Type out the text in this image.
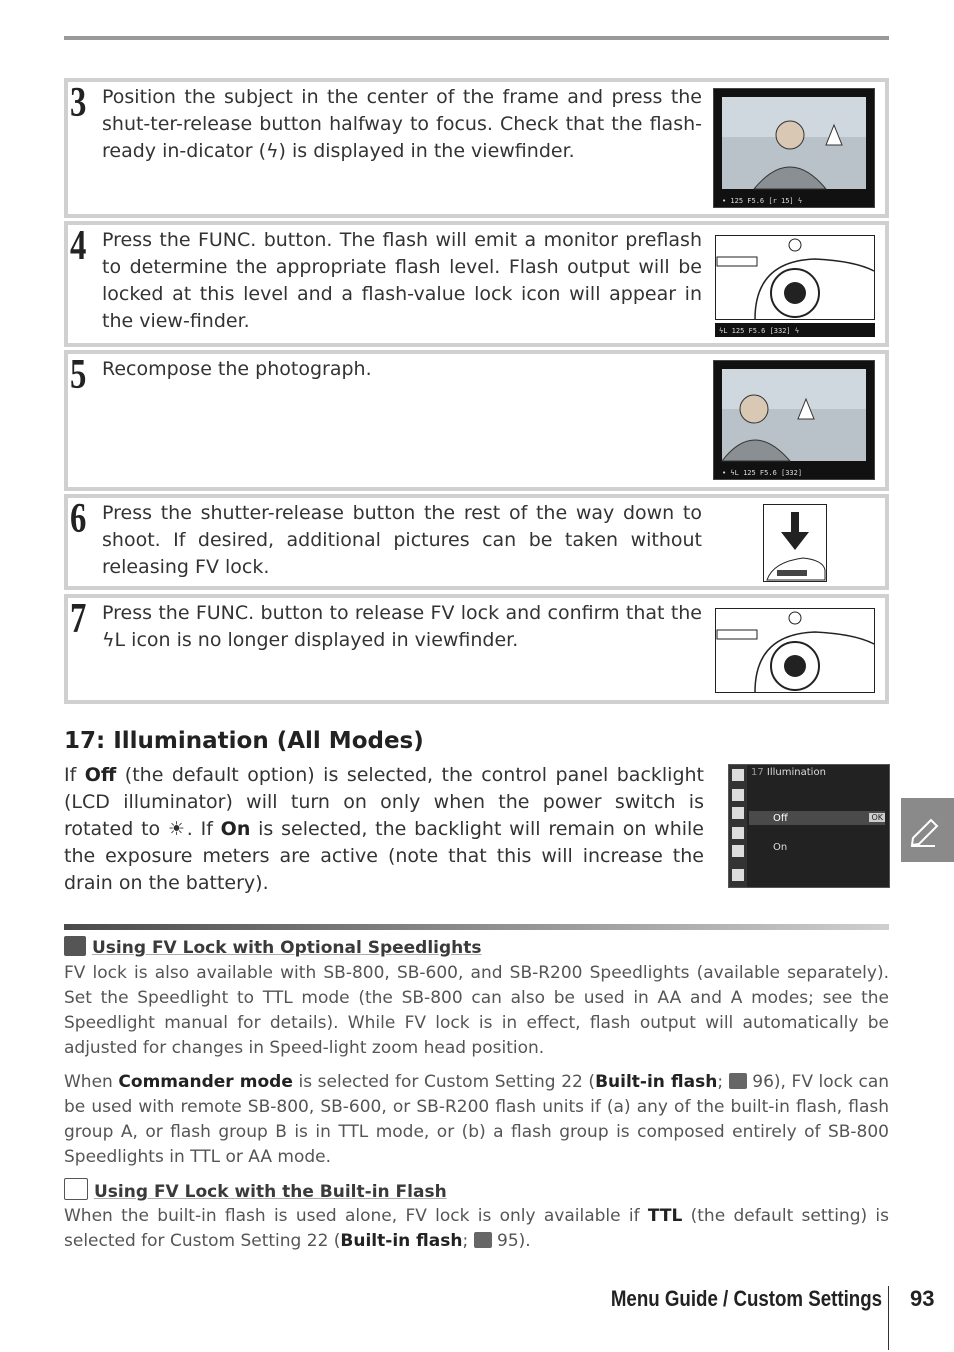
3 Position the subject in the center of the frame and press the shut-ter-release button halfway to focus. Check that the flash-ready in-dicator (ϟ) is displayed in the viewfinder.
• 125 F5.6 [r 15] ϟ
4 Press the FUNC. button. The flash will emit a monitor preflash to determine the appropriate flash level. Flash output will be locked at this level and a flash-value lock icon will appear in the view-finder.	ϟL 125 F5.6 [332] ϟ
5 Recompose the photograph.
• ϟL 125 F5.6 [332]
6 Press the shutter-release button the rest of the way down to shoot. If desired, additional pictures can be taken without releasing FV lock.
7 Press the FUNC. button to release FV lock and confirm that the ϟL icon is no longer displayed in viewfinder.
17: Illumination (All Modes)
If Off (the default option) is selected, the control panel backlight (LCD illuminator) will turn on only when the power switch is rotated to ☀. If On is selected, the backlight will remain on while the exposure meters are active (note that this will increase the drain on the battery).
17 Illumination
Off	OK
On
Using FV Lock with Optional Speedlights
FV lock is also available with SB-800, SB-600, and SB-R200 Speedlights (available separately). Set the Speedlight to TTL mode (the SB-800 can also be used in AA and A modes; see the Speedlight manual for details). While FV lock is in effect, flash output will automatically be adjusted for changes in Speed-light zoom head position.
When Commander mode is selected for Custom Setting 22 (Built-in flash;  96), FV lock can be used with remote SB-800, SB-600, or SB-R200 flash units if (a) any of the built-in flash, flash group A, or flash group B is in TTL mode, or (b) a flash group is composed entirely of SB-800 Speedlights in TTL or AA mode.
Using FV Lock with the Built-in Flash
When the built-in flash is used alone, FV lock is only available if TTL (the default setting) is selected for Custom Setting 22 (Built-in flash;  95).
Menu Guide / Custom Settings 93
